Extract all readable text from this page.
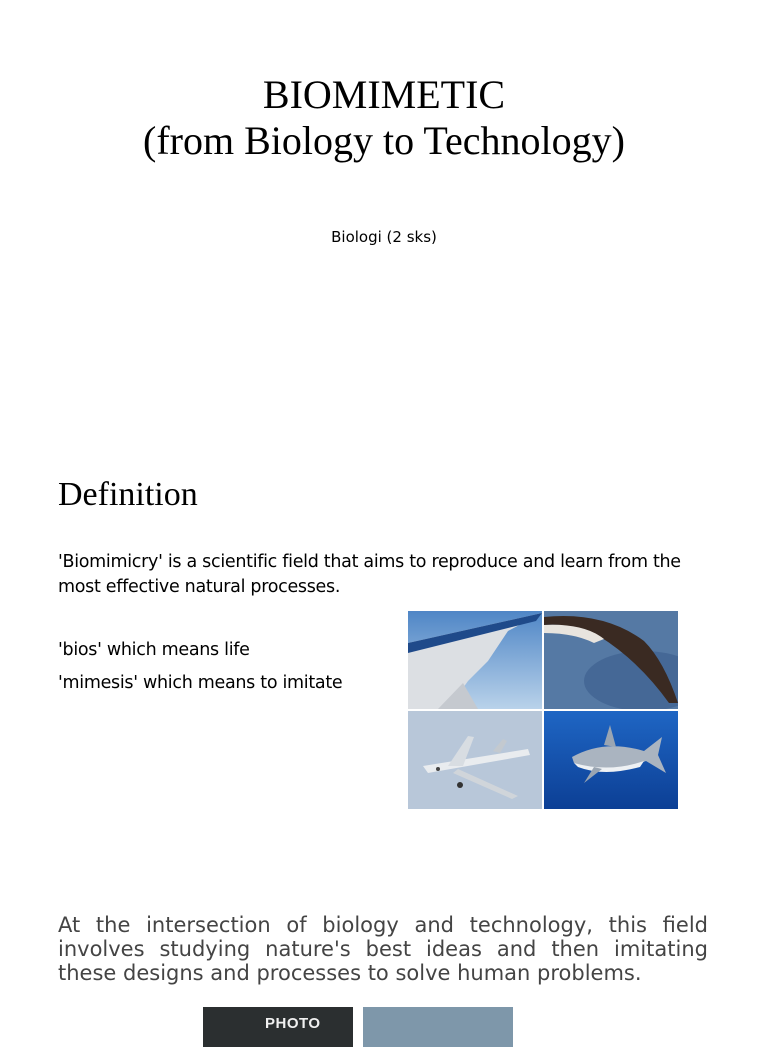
BIOMIMETIC
(from Biology to Technology)
Biologi (2 sks)
Definition
'Biomimicry' is a scientific field that aims to reproduce and learn from the most effective natural processes.
'bios' which means life
'mimesis' which means to imitate
At the intersection of biology and technology, this field involves studying nature's best ideas and then imitating these designs and processes to solve human problems.
PHOTO
